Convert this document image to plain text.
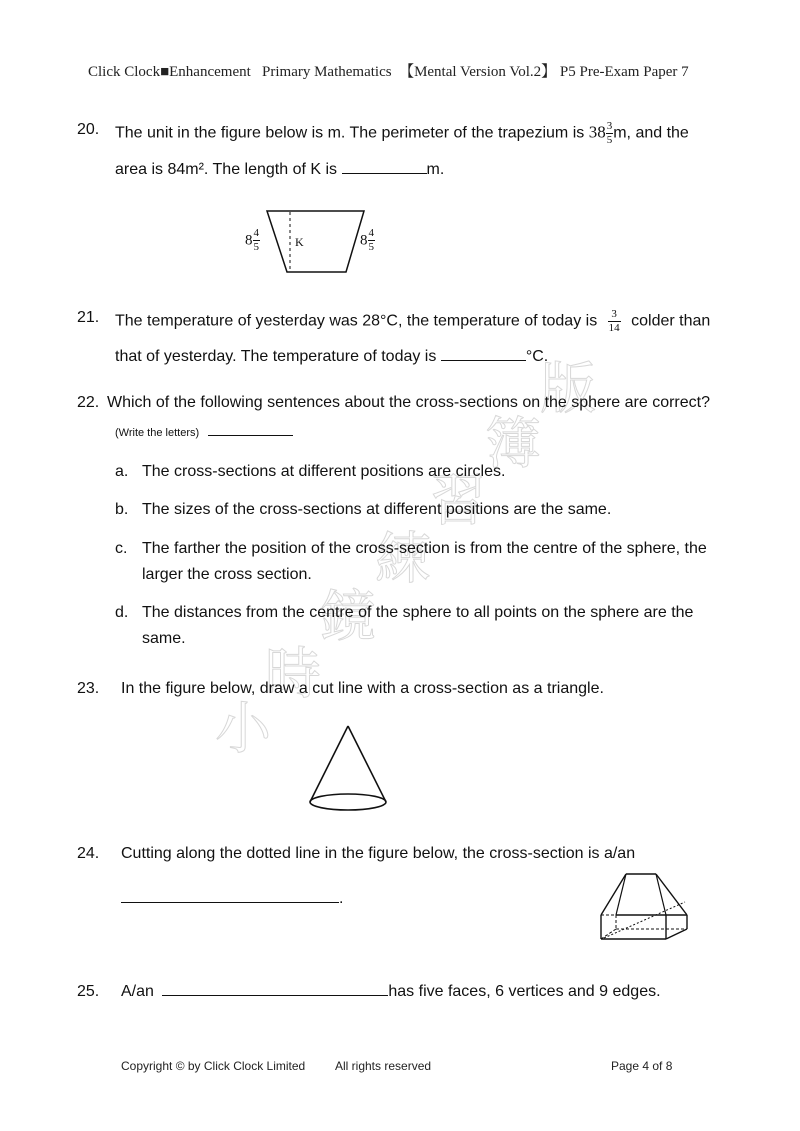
Click Clock■Enhancement   Primary Mathematics  【Mental Version Vol.2】 P5 Pre-Exam Paper 7
小
時
鏡
練
習
簿
版
20. The unit in the figure below is m. The perimeter of the trapezium is $38 \frac{3}{5} m$, and the
area is 84m². The length of K is	m.
K
$8 \frac{4}{5}$	$8 \frac{4}{5}$
21. The temperature of yesterday was 28°C, the temperature of today is $\frac{3}{14}$ colder than
that of yesterday. The temperature of today is	°C.
22. Which of the following sentences about the cross-sections on the sphere are correct?
(Write the letters)
a. The cross-sections at different positions are circles.
b. The sizes of the cross-sections at different positions are the same.
c. The farther the position of the cross-section is from the centre of the sphere, the
larger the cross section.
d. The distances from the centre of the sphere to all points on the sphere are the
same.
23. In the figure below, draw a cut line with a cross-section as a triangle.
24. Cutting along the dotted line in the figure below, the cross-section is a/an
.
25. A/an	has five faces, 6 vertices and 9 edges.
Copyright © by Click Clock Limited All rights reserved	Page 4 of 8
